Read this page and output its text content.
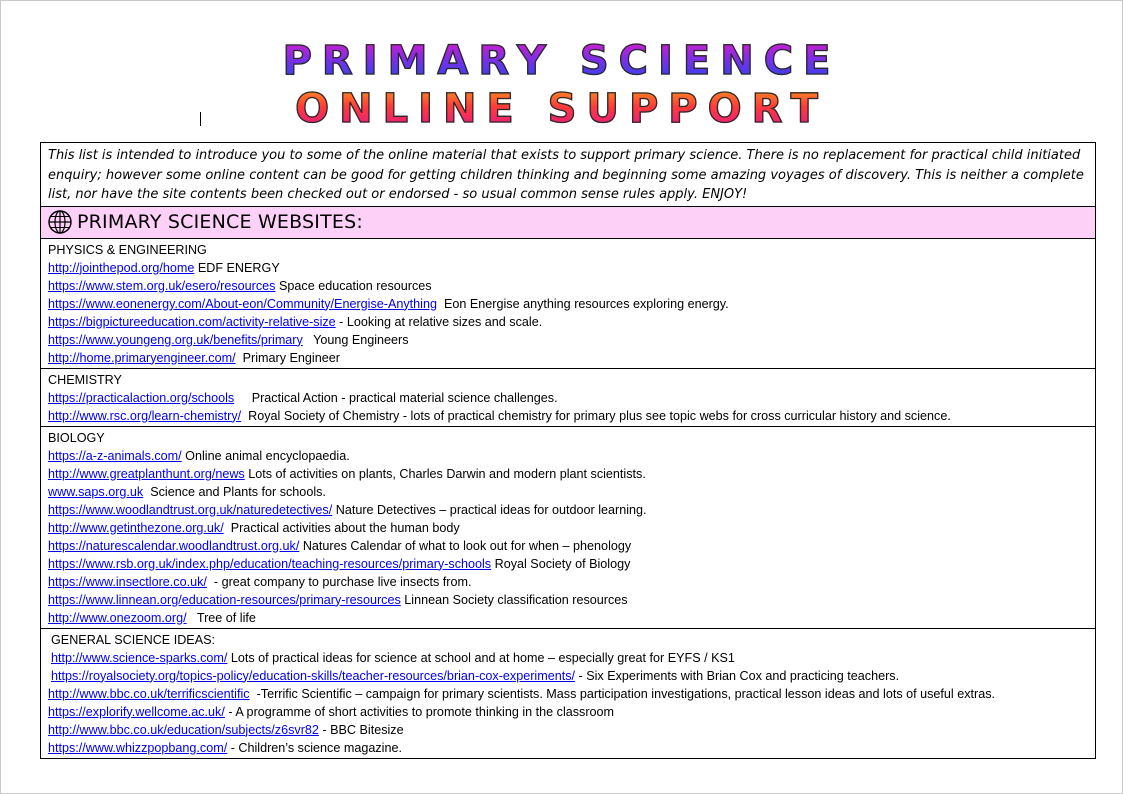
PRIMARY SCIENCE
ONLINE SUPPORT
This list is intended to introduce you to some of the online material that exists to support primary science. There is no replacement for practical child initiated enquiry; however some online content can be good for getting children thinking and beginning some amazing voyages of discovery. This is neither a complete list, nor have the site contents been checked out or endorsed - so usual common sense rules apply. ENJOY!
PRIMARY SCIENCE WEBSITES:
PHYSICS & ENGINEERING
http://jointhepod.org/home EDF ENERGY
https://www.stem.org.uk/esero/resources Space education resources
https://www.eonenergy.com/About-eon/Community/Energise-Anything  Eon Energise anything resources exploring energy.
https://bigpictureeducation.com/activity-relative-size - Looking at relative sizes and scale.
https://www.youngeng.org.uk/benefits/primary   Young Engineers
http://home.primaryengineer.com/  Primary Engineer
CHEMISTRY
https://practicalaction.org/schools     Practical Action - practical material science challenges.
http://www.rsc.org/learn-chemistry/  Royal Society of Chemistry - lots of practical chemistry for primary plus see topic webs for cross curricular history and science.
BIOLOGY
https://a-z-animals.com/ Online animal encyclopaedia.
http://www.greatplanthunt.org/news Lots of activities on plants, Charles Darwin and modern plant scientists.
www.saps.org.uk  Science and Plants for schools.
https://www.woodlandtrust.org.uk/naturedetectives/ Nature Detectives – practical ideas for outdoor learning.
http://www.getinthezone.org.uk/  Practical activities about the human body
https://naturescalendar.woodlandtrust.org.uk/ Natures Calendar of what to look out for when – phenology
https://www.rsb.org.uk/index.php/education/teaching-resources/primary-schools Royal Society of Biology
https://www.insectlore.co.uk/  - great company to purchase live insects from.
https://www.linnean.org/education-resources/primary-resources Linnean Society classification resources
http://www.onezoom.org/   Tree of life
GENERAL SCIENCE IDEAS:
http://www.science-sparks.com/ Lots of practical ideas for science at school and at home – especially great for EYFS / KS1
https://royalsociety.org/topics-policy/education-skills/teacher-resources/brian-cox-experiments/ - Six Experiments with Brian Cox and practicing teachers.
http://www.bbc.co.uk/terrificscientific  -Terrific Scientific – campaign for primary scientists. Mass participation investigations, practical lesson ideas and lots of useful extras.
https://explorify.wellcome.ac.uk/ - A programme of short activities to promote thinking in the classroom
http://www.bbc.co.uk/education/subjects/z6svr82 - BBC Bitesize
https://www.whizzpopbang.com/ - Children’s science magazine.
